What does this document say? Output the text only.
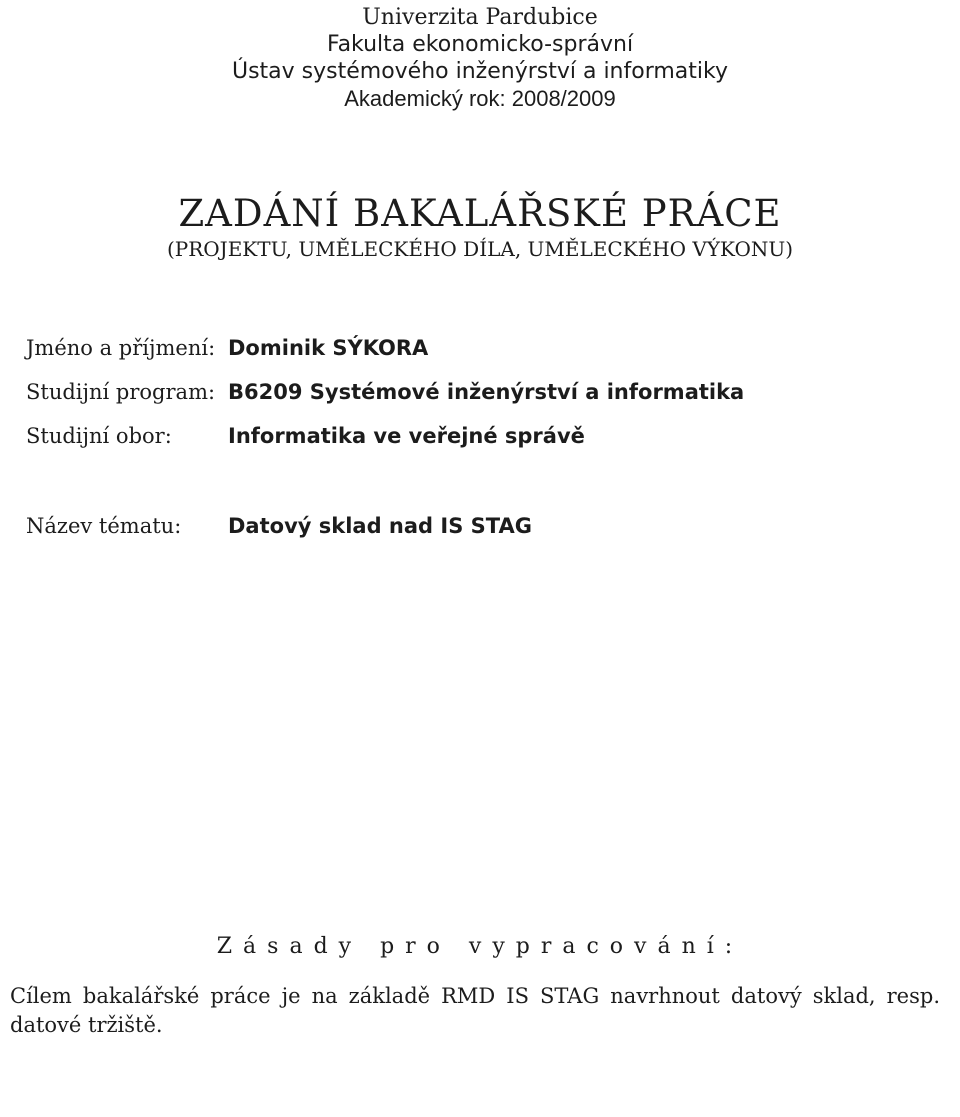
Univerzita Pardubice
Fakulta ekonomicko-správní
Ústav systémového inženýrství a informatiky
Akademický rok: 2008/2009
ZADÁNÍ BAKALÁŘSKÉ PRÁCE
(PROJEKTU, UMĚLECKÉHO DÍLA, UMĚLECKÉHO VÝKONU)
Jméno a příjmení: Dominik SÝKORA
Studijní program: B6209 Systémové inženýrství a informatika
Studijní obor:	Informatika ve veřejné správě
Název tématu: Datový sklad nad IS STAG
Zásady pro vypracování:
Cílem bakalářské práce je na základě RMD IS STAG navrhnout datový sklad, resp. datové tržiště.
